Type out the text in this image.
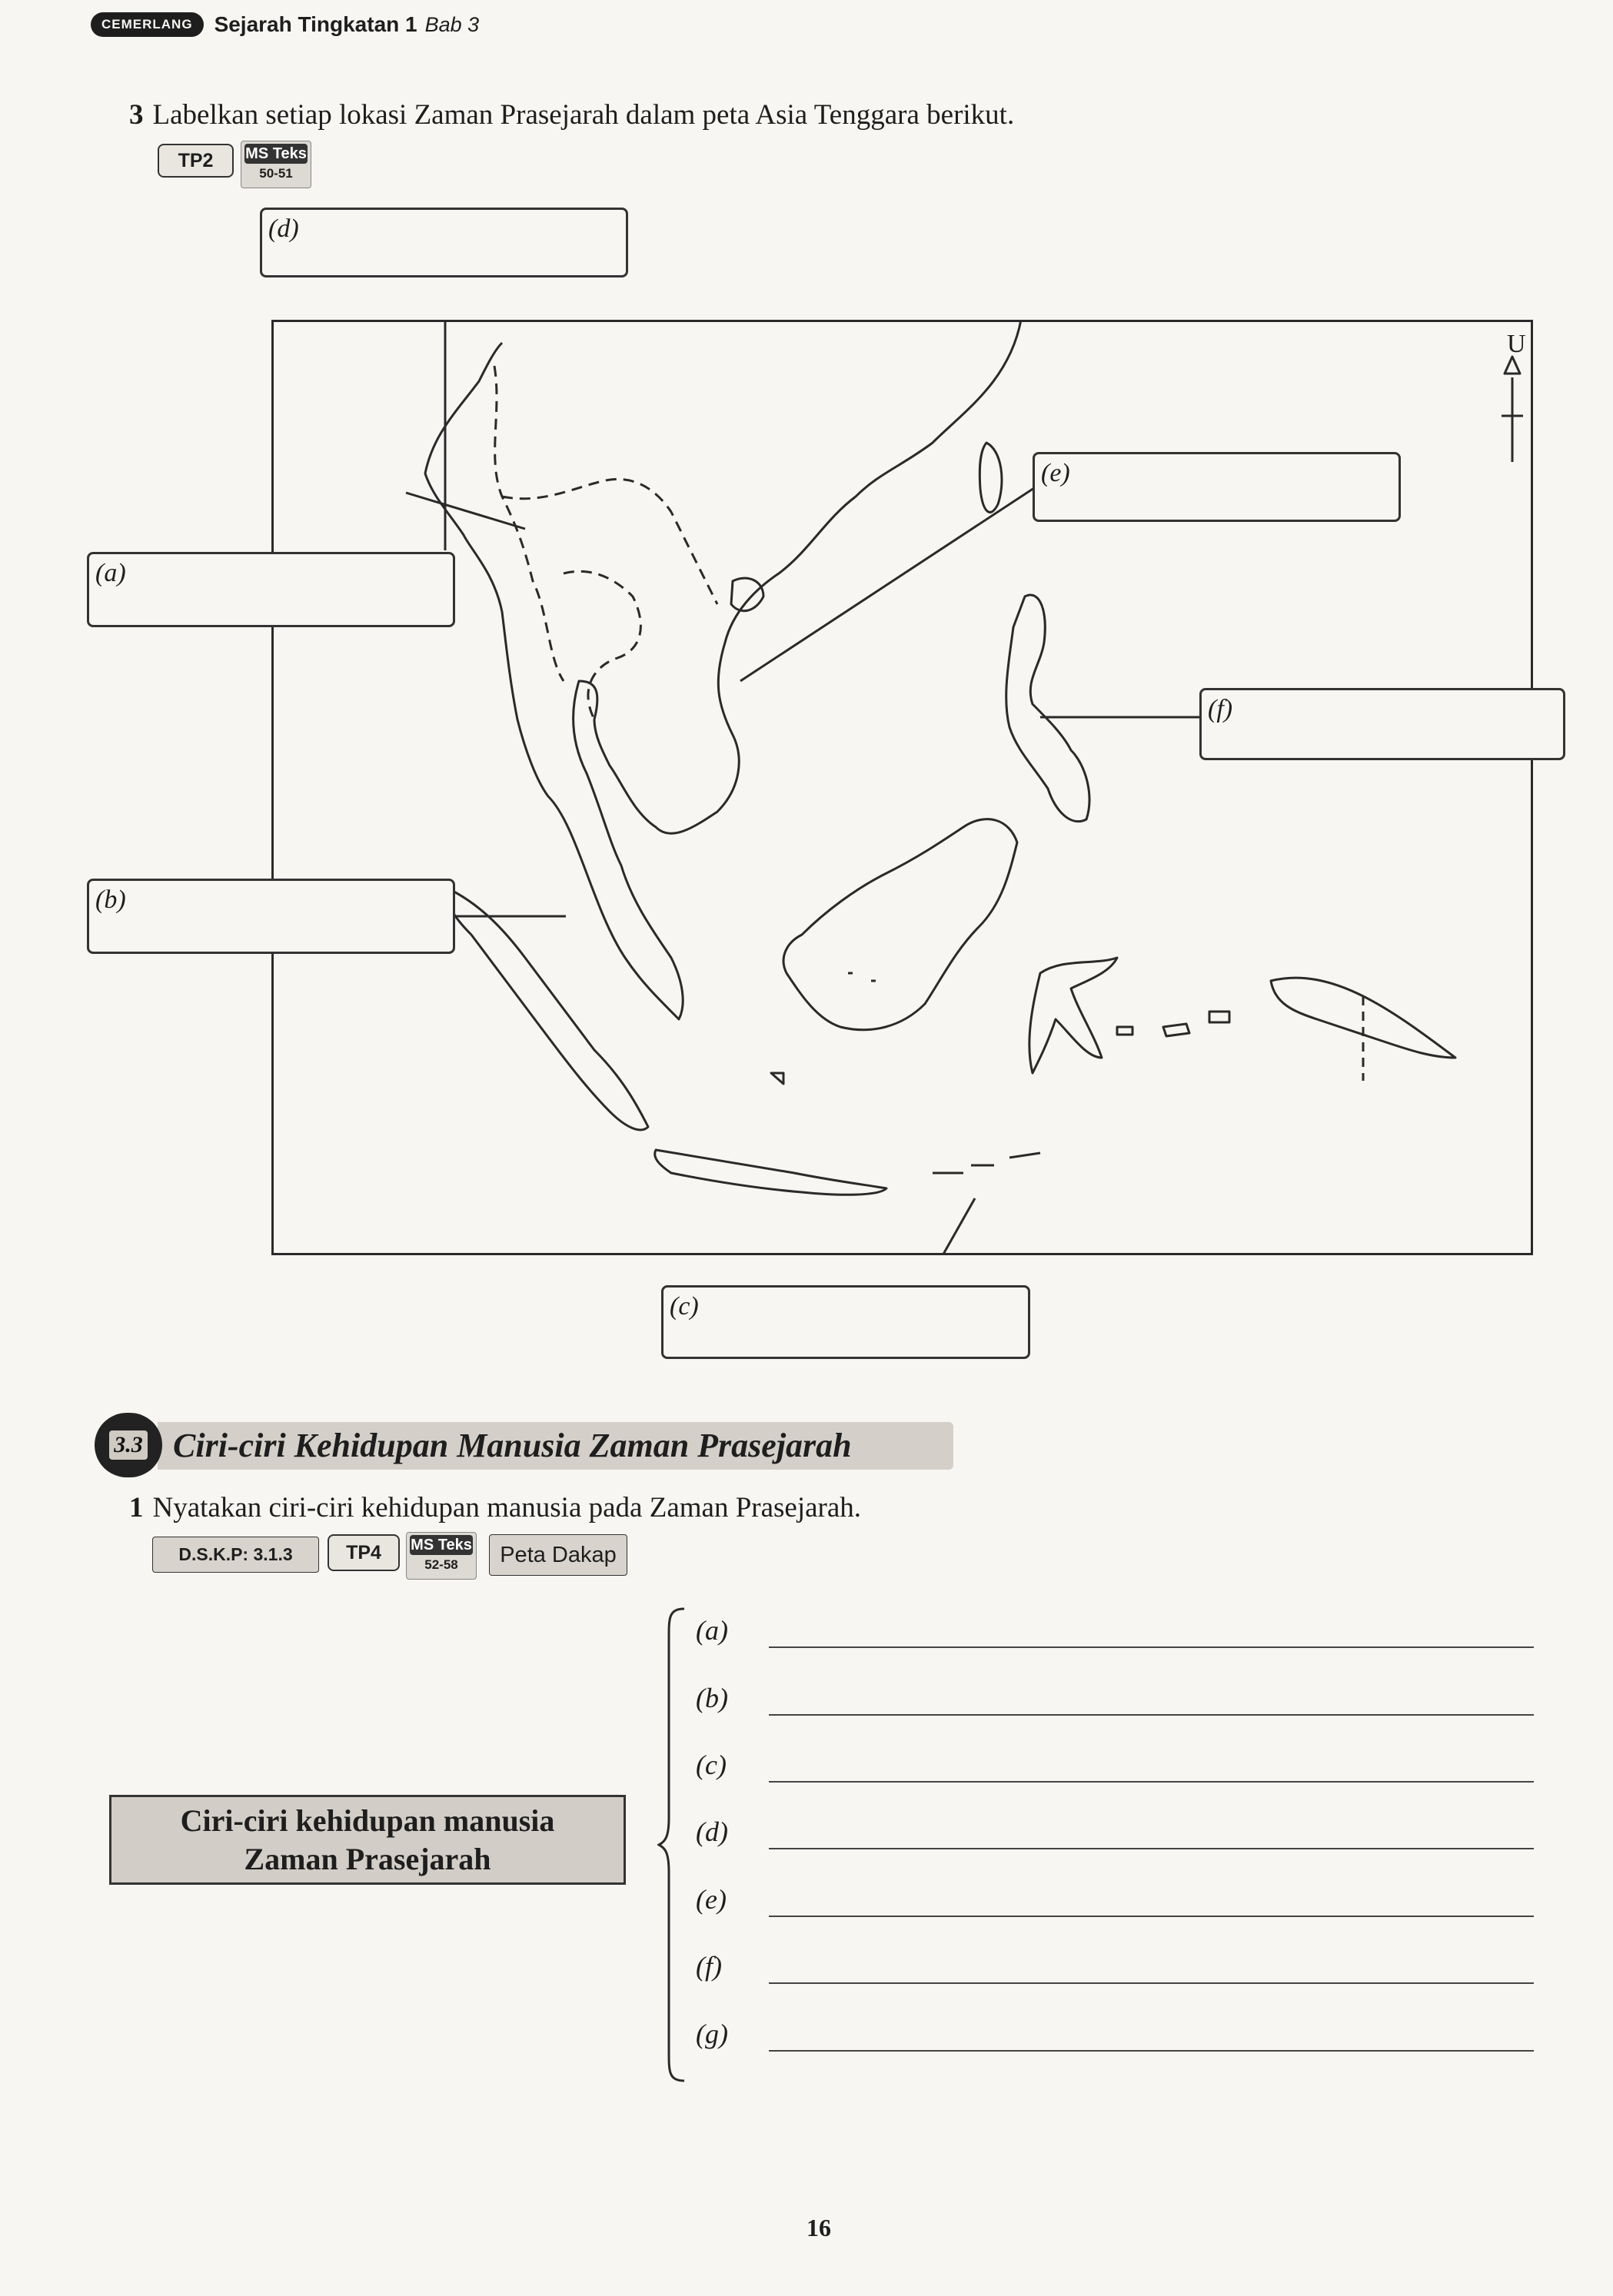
CEMERLANG	Sejarah Tingkatan 1 Bab 3
3 Labelkan setiap lokasi Zaman Prasejarah dalam peta Asia Tenggara berikut.
TP2	MS Teks
50-51
U
(d)
(e)
(a)
(f)
(b)
(c)
3.3 Ciri-ciri Kehidupan Manusia Zaman Prasejarah
1 Nyatakan ciri-ciri kehidupan manusia pada Zaman Prasejarah.
D.S.K.P: 3.1.3	TP4	MS Teks
52-58	Peta Dakap
Ciri-ciri kehidupan manusia
Zaman Prasejarah
(a)
(b)
(c)
(d)
(e)
(f)
(g)
16
